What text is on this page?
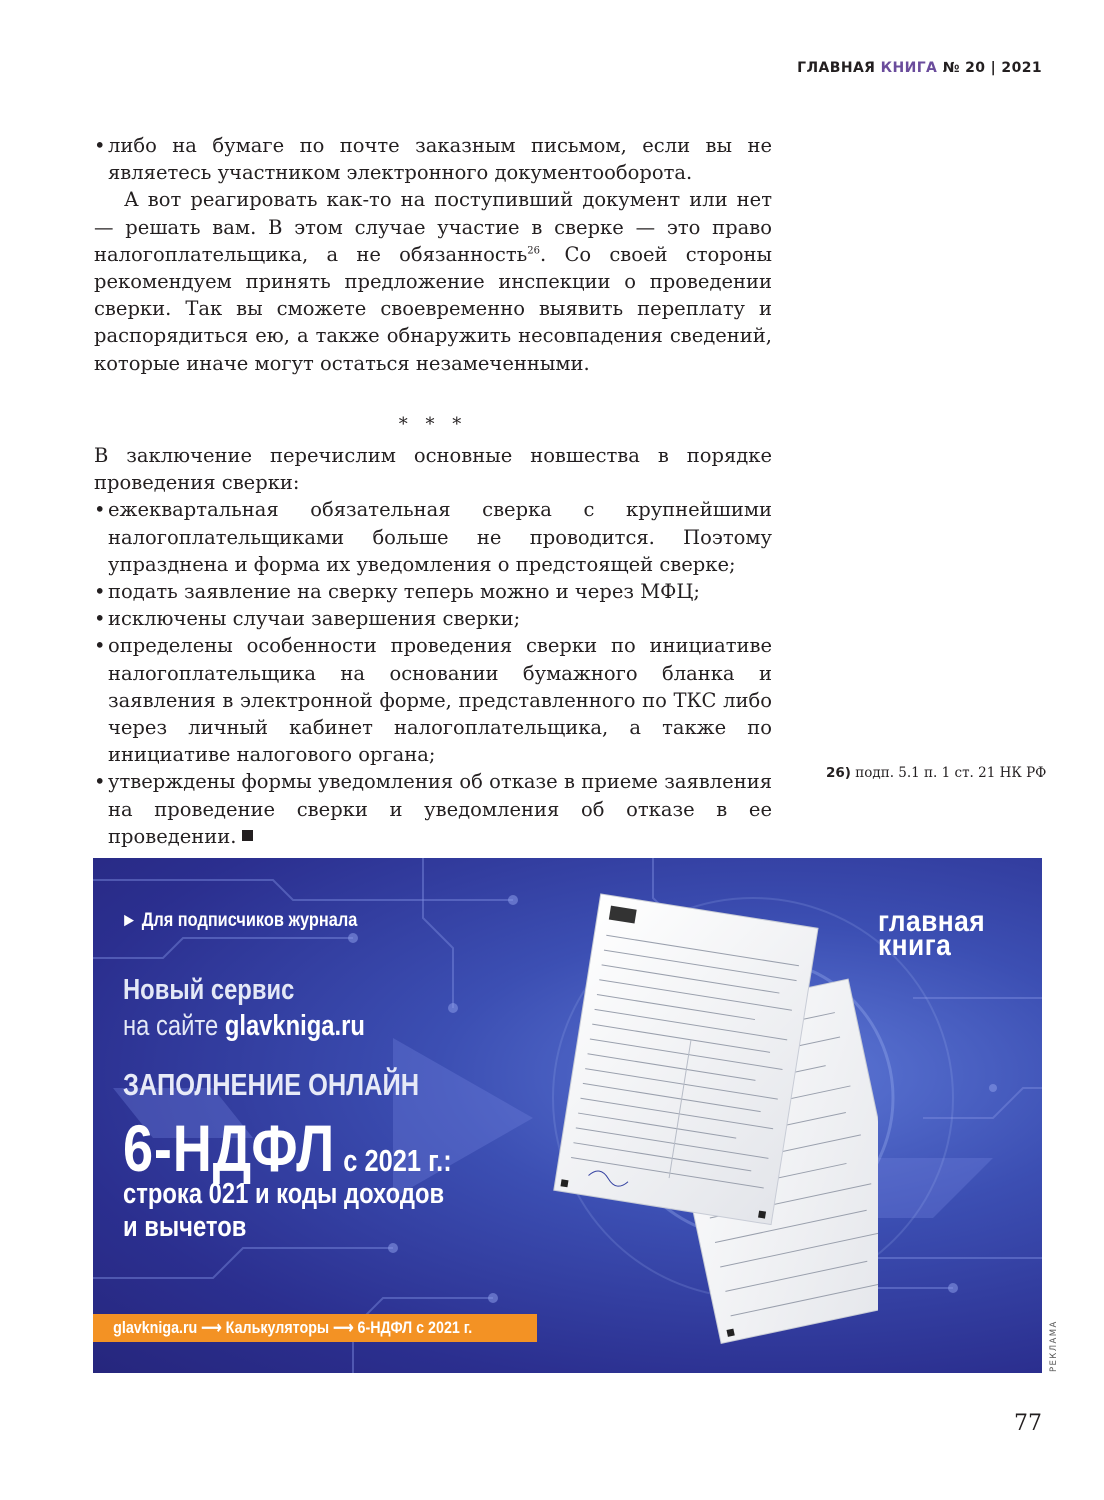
ГЛАВНАЯ КНИГА № 20 | 2021
• либо на бумаге по почте заказным письмом, если вы не являетесь участником электронного документооборота.

А вот реагировать как-то на поступивший документ или нет — решать вам. В этом случае участие в сверке — это право налогоплательщика, а не обязанность$^{26}$. Со своей стороны рекомендуем принять предложение инспекции о проведении сверки. Так вы сможете своевременно выявить переплату и распорядиться ею, а также обнаружить несовпадения сведений, которые иначе могут остаться незамеченными.

* * *

В заключение перечислим основные новшества в порядке проведения сверки:

• ежеквартальная обязательная сверка с крупнейшими налогоплательщиками больше не проводится. Поэтому упразднена и форма их уведомления о предстоящей сверке;
• подать заявление на сверку теперь можно и через МФЦ;
• исключены случаи завершения сверки;
• определены особенности проведения сверки по инициативе налогоплательщика на основании бумажного бланка и заявления в электронной форме, представленного по ТКС либо через личный кабинет налогоплательщика, а также по инициативе налогового органа;
• утверждены формы уведомления об отказе в приеме заявления на проведение сверки и уведомления об отказе в ее проведении.
26) подп. 5.1 п. 1 ст. 21 НК РФ
► Для подписчиков журнала
Новый сервис
на сайте glavkniga.ru
ЗАПОЛНЕНИЕ ОНЛАЙН
6-НДФЛ с 2021 г.:
строка 021 и коды доходов
и вычетов
glavkniga.ru ⟶ Калькуляторы ⟶ 6-НДФЛ с 2021 г.
главная
книга
РЕКЛАМА
77
